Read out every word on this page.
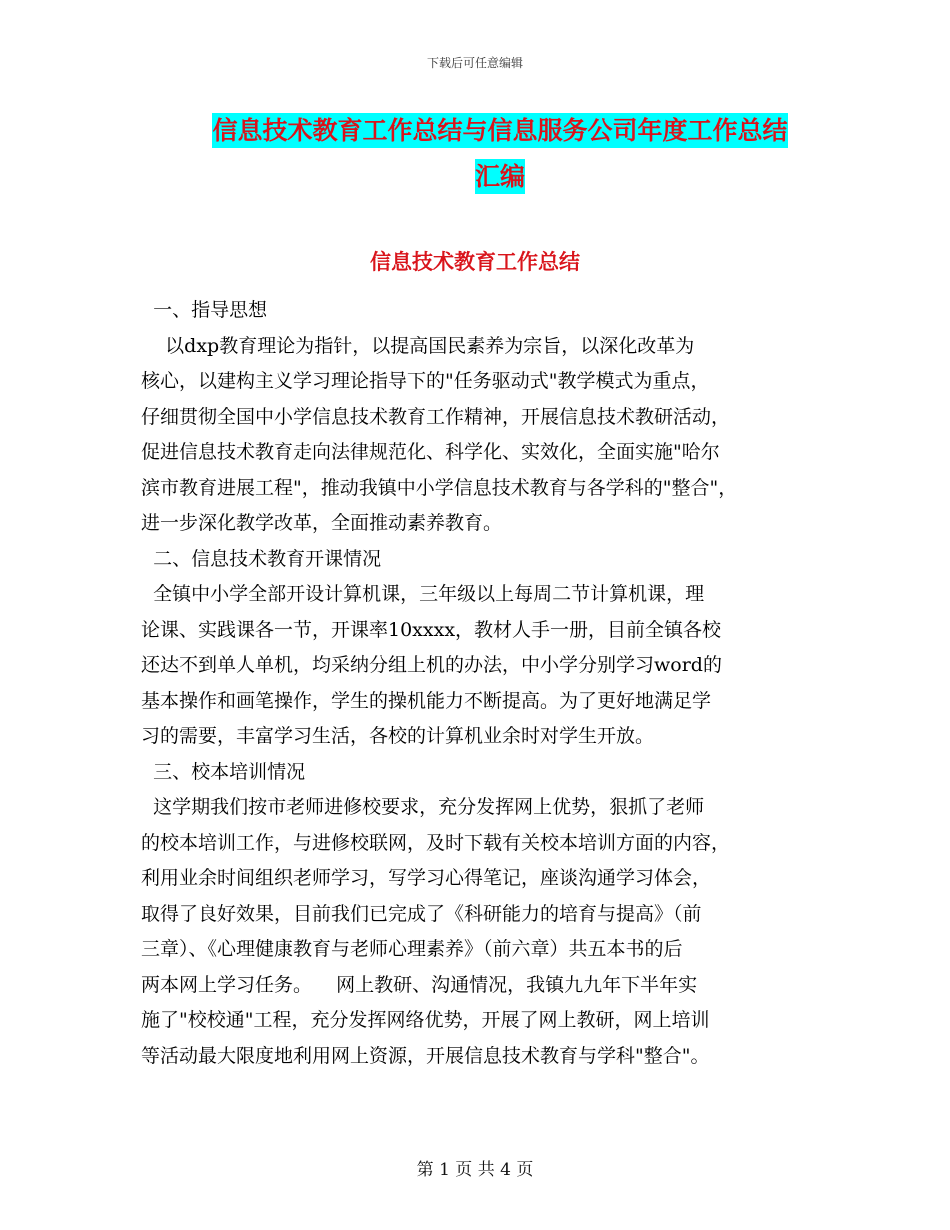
下载后可任意编辑
信息技术教育工作总结与信息服务公司年度工作总结
汇编
信息技术教育工作总结
一、指导思想
以dxp教育理论为指针，以提高国民素养为宗旨，以深化改革为
核心，以建构主义学习理论指导下的"任务驱动式"教学模式为重点，
仔细贯彻全国中小学信息技术教育工作精神，开展信息技术教研活动，
促进信息技术教育走向法律规范化、科学化、实效化，全面实施"哈尔
滨市教育进展工程"，推动我镇中小学信息技术教育与各学科的"整合"，
进一步深化教学改革，全面推动素养教育。
二、信息技术教育开课情况
全镇中小学全部开设计算机课，三年级以上每周二节计算机课，理
论课、实践课各一节，开课率10xxxx，教材人手一册，目前全镇各校
还达不到单人单机，均采纳分组上机的办法，中小学分别学习word的
基本操作和画笔操作，学生的操机能力不断提高。为了更好地满足学
习的需要，丰富学习生活，各校的计算机业余时对学生开放。
三、校本培训情况
这学期我们按市老师进修校要求，充分发挥网上优势，狠抓了老师
的校本培训工作，与进修校联网，及时下载有关校本培训方面的内容，
利用业余时间组织老师学习，写学习心得笔记，座谈沟通学习体会，
取得了良好效果，目前我们已完成了《科研能力的培育与提高》（前
三章）、《心理健康教育与老师心理素养》（前六章）共五本书的后
两本网上学习任务。    网上教研、沟通情况，我镇九九年下半年实
施了"校校通"工程，充分发挥网络优势，开展了网上教研，网上培训
等活动最大限度地利用网上资源，开展信息技术教育与学科"整合"。
第 1 页 共 4 页
